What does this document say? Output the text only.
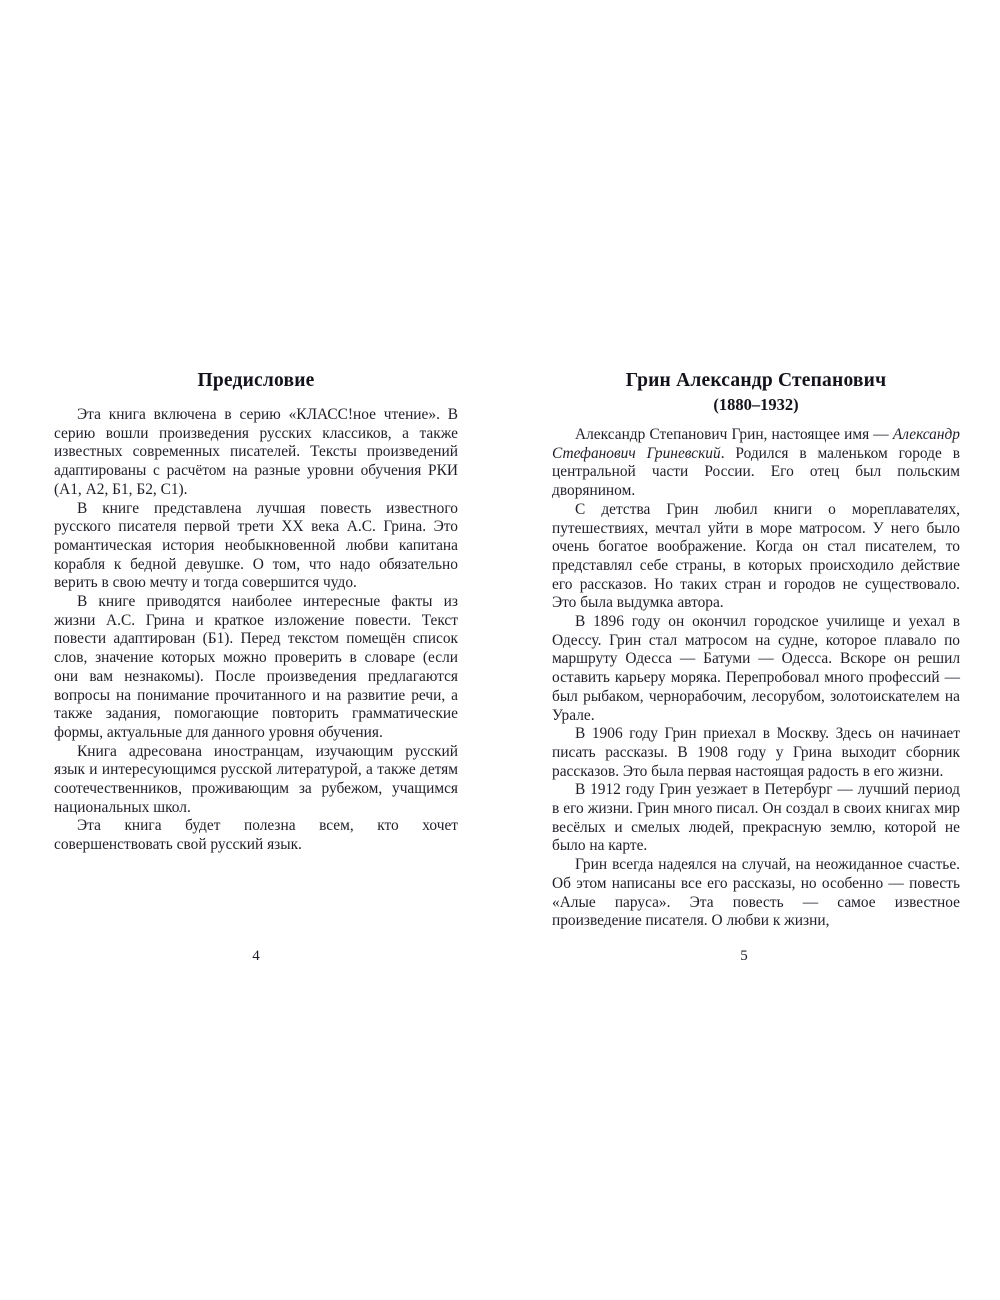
Предисловие

Эта книга включена в серию «КЛАСС!ное чтение». В серию вошли произведения русских классиков, а также известных современных писателей. Тексты произведений адаптированы с расчётом на разные уровни обучения РКИ (А1, А2, Б1, Б2, С1).

В книге представлена лучшая повесть известного русского писателя первой трети XX века А.С. Грина. Это романтическая история необыкновенной любви капитана корабля к бедной девушке. О том, что надо обязательно верить в свою мечту и тогда совершится чудо.

В книге приводятся наиболее интересные факты из жизни А.С. Грина и краткое изложение повести. Текст повести адаптирован (Б1). Перед текстом помещён список слов, значение которых можно проверить в словаре (если они вам незнакомы). После произведения предлагаются вопросы на понимание прочитанного и на развитие речи, а также задания, помогающие повторить грамматические формы, актуальные для данного уровня обучения.

Книга адресована иностранцам, изучающим русский язык и интересующимся русской литературой, а также детям соотечественников, проживающим за рубежом, учащимся национальных школ.

Эта книга будет полезна всем, кто хочет совершенствовать свой русский язык.

4
Грин Александр Степанович
(1880–1932)

Александр Степанович Грин, настоящее имя — Александр Стефанович Гриневский. Родился в маленьком городе в центральной части России. Его отец был польским дворянином.

С детства Грин любил книги о мореплавателях, путешествиях, мечтал уйти в море матросом. У него было очень богатое воображение. Когда он стал писателем, то представлял себе страны, в которых происходило действие его рассказов. Но таких стран и городов не существовало. Это была выдумка автора.

В 1896 году он окончил городское училище и уехал в Одессу. Грин стал матросом на судне, которое плавало по маршруту Одесса — Батуми — Одесса. Вскоре он решил оставить карьеру моряка. Перепробовал много профессий — был рыбаком, чернорабочим, лесорубом, золотоискателем на Урале.

В 1906 году Грин приехал в Москву. Здесь он начинает писать рассказы. В 1908 году у Грина выходит сборник рассказов. Это была первая настоящая радость в его жизни.

В 1912 году Грин уезжает в Петербург — лучший период в его жизни. Грин много писал. Он создал в своих книгах мир весёлых и смелых людей, прекрасную землю, которой не было на карте.

Грин всегда надеялся на случай, на неожиданное счастье. Об этом написаны все его рассказы, но особенно — повесть «Алые паруса». Эта повесть — самое известное произведение писателя. О любви к жизни,

5
